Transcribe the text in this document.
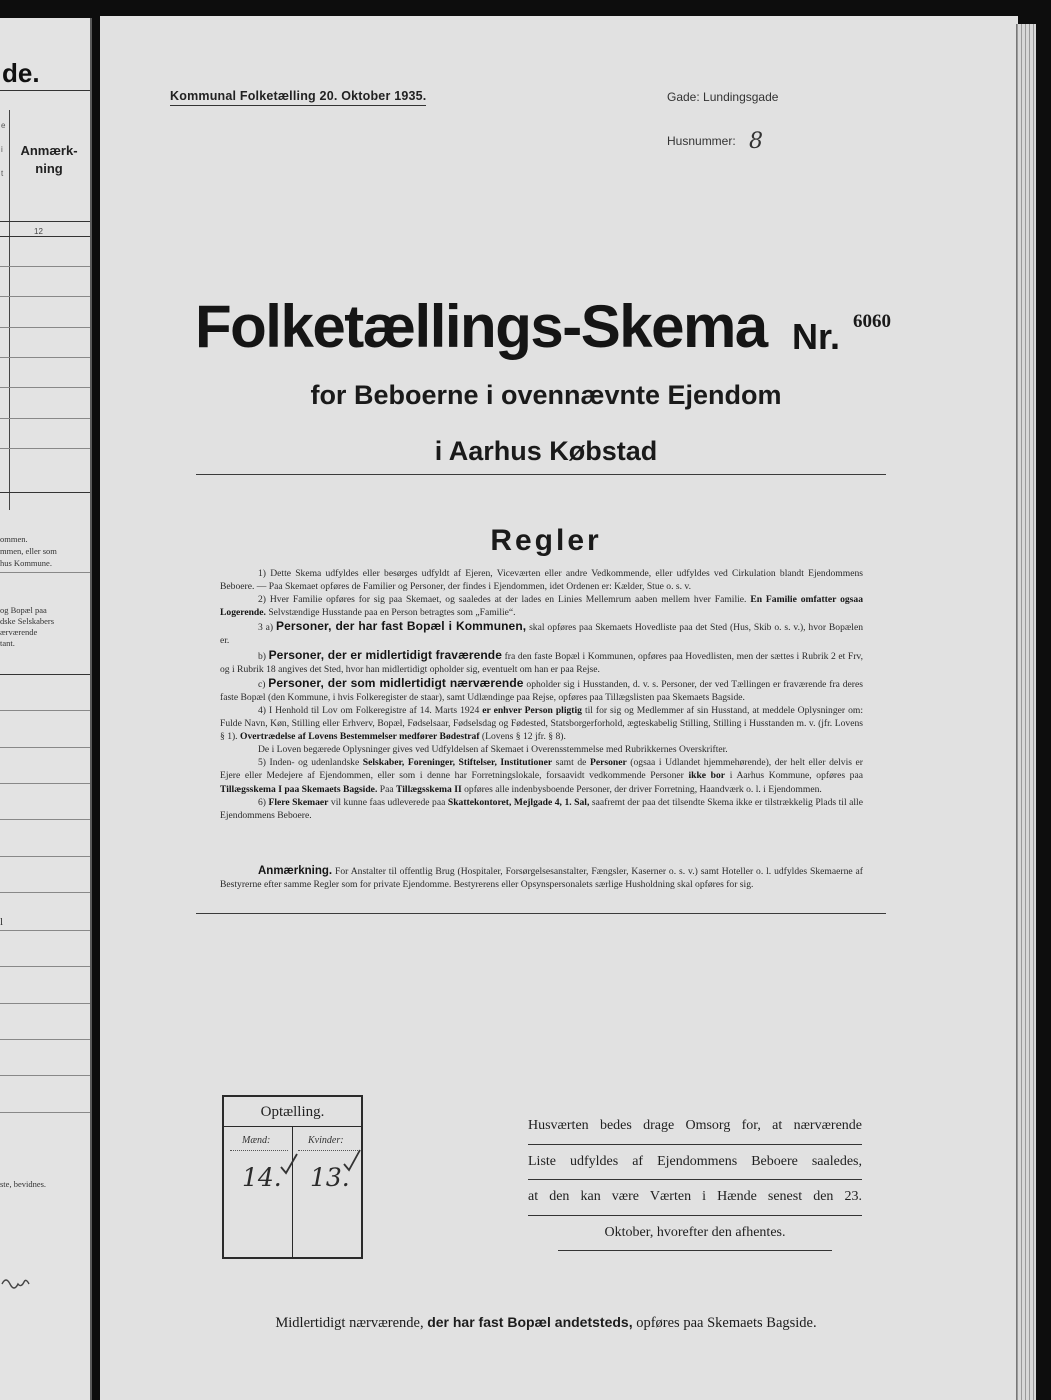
de.
e
i
t
Anmærk-
ning
12
ommen.
mmen, eller som
hus Kommune.
og Bopæl paa
dske Selskabers
ærværende
tant.
l
ste, bevidnes.
Kommunal Folketælling 20. Oktober 1935.	Gade: Lundingsgade
Husnummer: 8
Folketællings-Skema Nr. 6060
for Beboerne i ovennævnte Ejendom
i Aarhus Købstad
Regler

1) Dette Skema udfyldes eller besørges udfyldt af Ejeren, Viceværten eller andre Vedkommende, eller udfyldes ved Cirkulation blandt Ejendommens Beboere. — Paa Skemaet opføres de Familier og Personer, der findes i Ejendommen, idet Ordenen er: Kælder, Stue o. s. v.

2) Hver Familie opføres for sig paa Skemaet, og saaledes at der lades en Linies Mellemrum aaben mellem hver Familie. En Familie omfatter ogsaa Logerende. Selvstændige Husstande paa en Person betragtes som „Familie“.

3 a) Personer, der har fast Bopæl i Kommunen, skal opføres paa Skemaets Hovedliste paa det Sted (Hus, Skib o. s. v.), hvor Bopælen er.

b) Personer, der er midlertidigt fraværende fra den faste Bopæl i Kommunen, opføres paa Hovedlisten, men der sættes i Rubrik 2 et Frv, og i Rubrik 18 angives det Sted, hvor han midlertidigt opholder sig, eventuelt om han er paa Rejse.

c) Personer, der som midlertidigt nærværende opholder sig i Husstanden, d. v. s. Personer, der ved Tællingen er fraværende fra deres faste Bopæl (den Kommune, i hvis Folkeregister de staar), samt Udlændinge paa Rejse, opføres paa Tillægslisten paa Skemaets Bagside.

4) I Henhold til Lov om Folkeregistre af 14. Marts 1924 er enhver Person pligtig til for sig og Medlemmer af sin Husstand, at meddele Oplysninger om: Fulde Navn, Køn, Stilling eller Erhverv, Bopæl, Fødselsaar, Fødselsdag og Fødested, Statsborgerforhold, ægteskabelig Stilling, Stilling i Husstanden m. v. (jfr. Lovens § 1). Overtrædelse af Lovens Bestemmelser medfører Bødestraf (Lovens § 12 jfr. § 8).

De i Loven begærede Oplysninger gives ved Udfyldelsen af Skemaet i Overensstemmelse med Rubrikkernes Overskrifter.

5) Inden- og udenlandske Selskaber, Foreninger, Stiftelser, Institutioner samt de Personer (ogsaa i Udlandet hjemmehørende), der helt eller delvis er Ejere eller Medejere af Ejendommen, eller som i denne har Forretningslokale, forsaavidt vedkommende Personer ikke bor i Aarhus Kommune, opføres paa Tillægsskema I paa Skemaets Bagside. Paa Tillægsskema II opføres alle indenbysboende Personer, der driver Forretning, Haandværk o. l. i Ejendommen.

6) Flere Skemaer vil kunne faas udleverede paa Skattekontoret, Mejlgade 4, 1. Sal, saafremt der paa det tilsendte Skema ikke er tilstrækkelig Plads til alle Ejendommens Beboere.

Anmærkning. For Anstalter til offentlig Brug (Hospitaler, Forsørgelsesanstalter, Fængsler, Kaserner o. s. v.) samt Hoteller o. l. udfyldes Skemaerne af Bestyrerne efter samme Regler som for private Ejendomme. Bestyrerens eller Opsynspersonalets særlige Husholdning skal opføres for sig.
Optælling.
Mænd:	Kvinder:
14. 13.
Husværten bedes drage Omsorg for, at nærværende
Liste udfyldes af Ejendommens Beboere saaledes,
at den kan være Værten i Hænde senest den 23.
Oktober, hvorefter den afhentes.
Midlertidigt nærværende, der har fast Bopæl andetsteds, opføres paa Skemaets Bagside.
